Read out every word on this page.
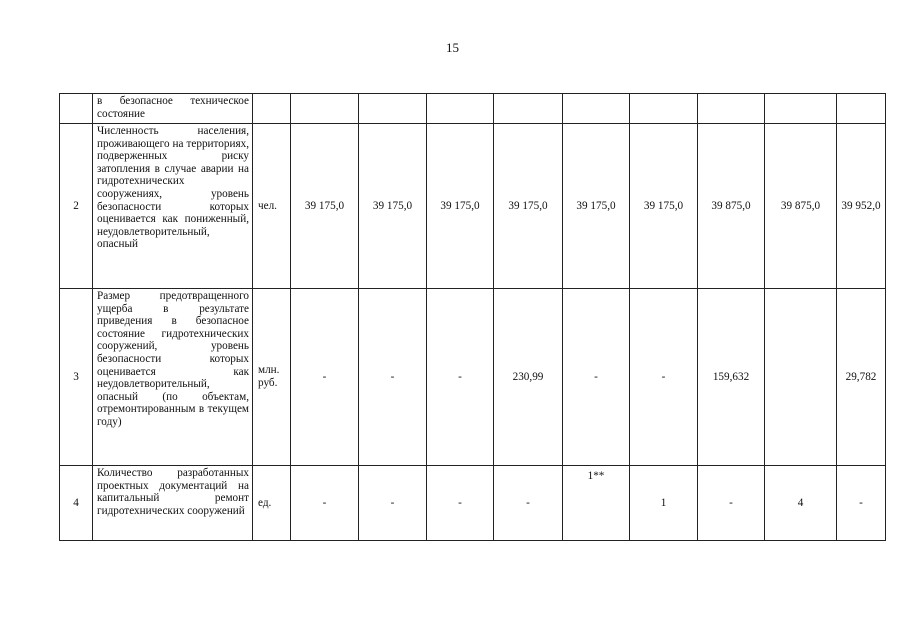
15
	в безопасное техническое состояние										
2	Численность населения, проживающего на территориях, подверженных риску затопления в случае аварии на гидротехнических сооружениях, уровень безопасности которых оценивается как пониженный, неудовлетворительный, опасный	чел.	39 175,0	39 175,0	39 175,0	39 175,0	39 175,0	39 175,0	39 875,0	39 875,0	39 952,0
3	Размер предотвращенного ущерба в результате приведения в безопасное состояние гидротехнических сооружений, уровень безопасности которых оценивается как неудовлетворительный, опасный (по объектам, отремонтированным в текущем году)	млн. руб.	-	-	-	230,99	-	-	159,632		29,782
4	Количество разработанных проектных документаций на капитальный ремонт гидротехнических сооружений	ед.	-	-	-	-	1**	1	-	4	-
